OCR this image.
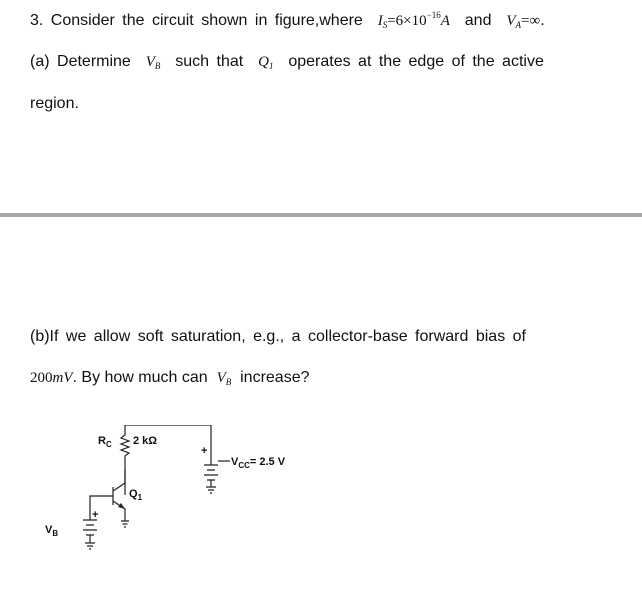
3. Consider the circuit shown in figure,where $I_S=6\times 10^{-16}A$ and $V_A=\infty$.
(a) Determine $V_B$ such that $Q_1$ operates at the edge of the active
region.
(b)If we allow soft saturation, e.g., a collector-base forward bias of
200mV. By how much can $V_B$ increase?
$R_C$ 2 kΩ
+
$V_{CC}= 2.5$ V
$Q_1$
+
$V_B$
